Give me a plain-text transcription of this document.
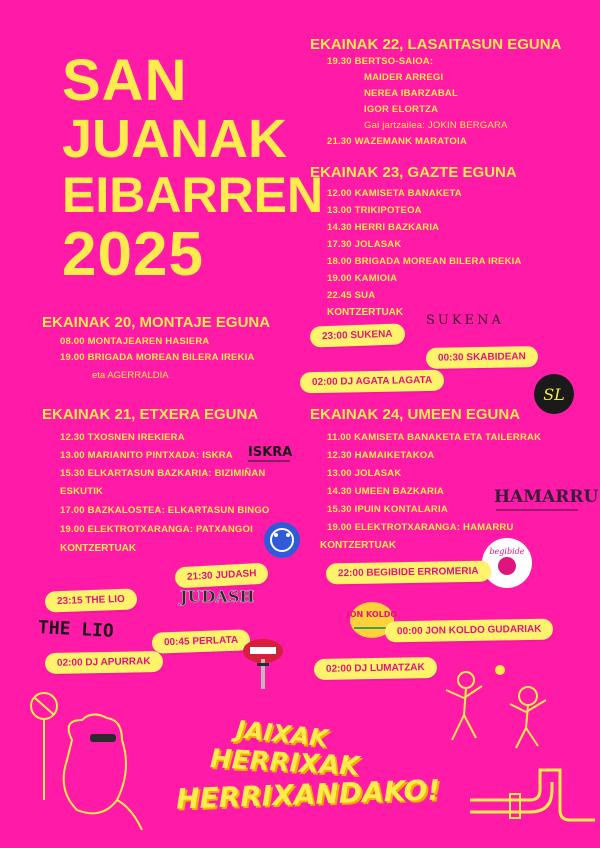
SAN
JUANAK
EIBARREN
2025
EKAINAK 22, LASAITASUN EGUNA
19.30 BERTSO-SAIOA:
MAIDER ARREGI
NEREA IBARZABAL
IGOR ELORTZA
Gai jartzailea: JOKIN BERGARA
21.30 WAZEMANK MARATOIA
EKAINAK 23, GAZTE EGUNA
12.00 KAMISETA BANAKETA
13.00 TRIKIPOTEOA
14.30 HERRI BAZKARIA
17.30 JOLASAK
18.00 BRIGADA MOREAN BILERA IREKIA
19.00 KAMIOIA
22.45 SUA
KONTZERTUAK
SUKENA
23:00 SUKENA
00:30 SKABIDEAN
02:00 DJ AGATA LAGATA
SL
EKAINAK 20, MONTAJE EGUNA
08.00 MONTAJEAREN HASIERA
19.00 BRIGADA MOREAN BILERA IREKIA
eta AGERRALDIA
EKAINAK 21, ETXERA EGUNA
12.30 TXOSNEN IREKIERA
13.00 MARIANITO PINTXADA: ISKRA
15.30 ELKARTASUN BAZKARIA: BIZIMIÑAN
ESKUTIK
17.00 BAZKALOSTEA: ELKARTASUN BINGO
19.00 ELEKTROTXARANGA: PATXANGOI
KONTZERTUAK
ISKRA
21:30 JUDASH
JUDASH
23:15 THE LIO
THE LIO	00:45 PERLATA
02:00 DJ APURRAK
EKAINAK 24, UMEEN EGUNA
11.00 KAMISETA BANAKETA ETA TAILERRAK
12.30 HAMAIKETAKOA
13.00 JOLASAK
14.30 UMEEN BAZKARIA
15.30 IPUIN KONTALARIA
19.00 ELEKTROTXARANGA: HAMARRU
KONTZERTUAK
HAMARRU
begibide
22:00 BEGIBIDE ERROMERIA
JON KOLDO
00:00 JON KOLDO GUDARIAK
02:00 DJ LUMATZAK
JAIXAK
HERRIXAK
HERRIXANDAKO!
